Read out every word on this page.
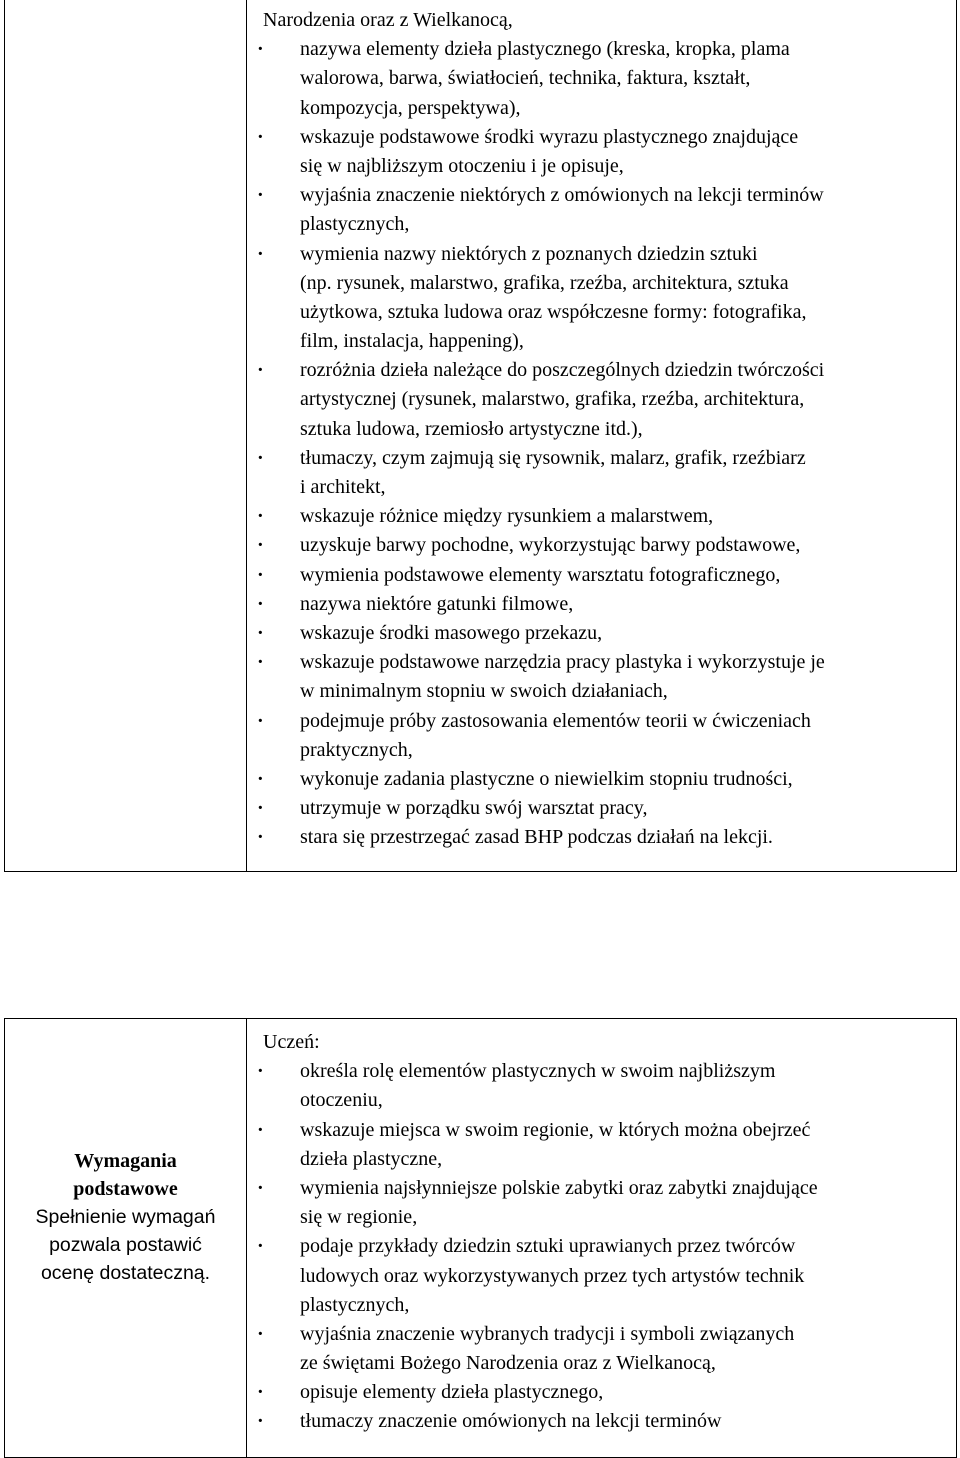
Narodzenia oraz z Wielkanocą,
· nazywa elementy dzieła plastycznego (kreska, kropka, plama
walorowa, barwa, światłocień, technika, faktura, kształt,
kompozycja, perspektywa),
· wskazuje podstawowe środki wyrazu plastycznego znajdujące
się w najbliższym otoczeniu i je opisuje,
· wyjaśnia znaczenie niektórych z omówionych na lekcji terminów
plastycznych,
· wymienia nazwy niektórych z poznanych dziedzin sztuki
(np. rysunek, malarstwo, grafika, rzeźba, architektura, sztuka
użytkowa, sztuka ludowa oraz współczesne formy: fotografika,
film, instalacja, happening),
· rozróżnia dzieła należące do poszczególnych dziedzin twórczości
artystycznej (rysunek, malarstwo, grafika, rzeźba, architektura,
sztuka ludowa, rzemiosło artystyczne itd.),
· tłumaczy, czym zajmują się rysownik, malarz, grafik, rzeźbiarz
i architekt,
· wskazuje różnice między rysunkiem a malarstwem,
· uzyskuje barwy pochodne, wykorzystując barwy podstawowe,
· wymienia podstawowe elementy warsztatu fotograficznego,
· nazywa niektóre gatunki filmowe,
· wskazuje środki masowego przekazu,
· wskazuje podstawowe narzędzia pracy plastyka i wykorzystuje je
w minimalnym stopniu w swoich działaniach,
· podejmuje próby zastosowania elementów teorii w ćwiczeniach
praktycznych,
· wykonuje zadania plastyczne o niewielkim stopniu trudności,
· utrzymuje w porządku swój warsztat pracy,
· stara się przestrzegać zasad BHP podczas działań na lekcji.
Wymagania
podstawowe
Spełnienie wymagań
pozwala postawić
ocenę dostateczną.
Uczeń:
· określa rolę elementów plastycznych w swoim najbliższym
otoczeniu,
· wskazuje miejsca w swoim regionie, w których można obejrzeć
dzieła plastyczne,
· wymienia najsłynniejsze polskie zabytki oraz zabytki znajdujące
się w regionie,
· podaje przykłady dziedzin sztuki uprawianych przez twórców
ludowych oraz wykorzystywanych przez tych artystów technik
plastycznych,
· wyjaśnia znaczenie wybranych tradycji i symboli związanych
ze świętami Bożego Narodzenia oraz z Wielkanocą,
· opisuje elementy dzieła plastycznego,
· tłumaczy znaczenie omówionych na lekcji terminów
